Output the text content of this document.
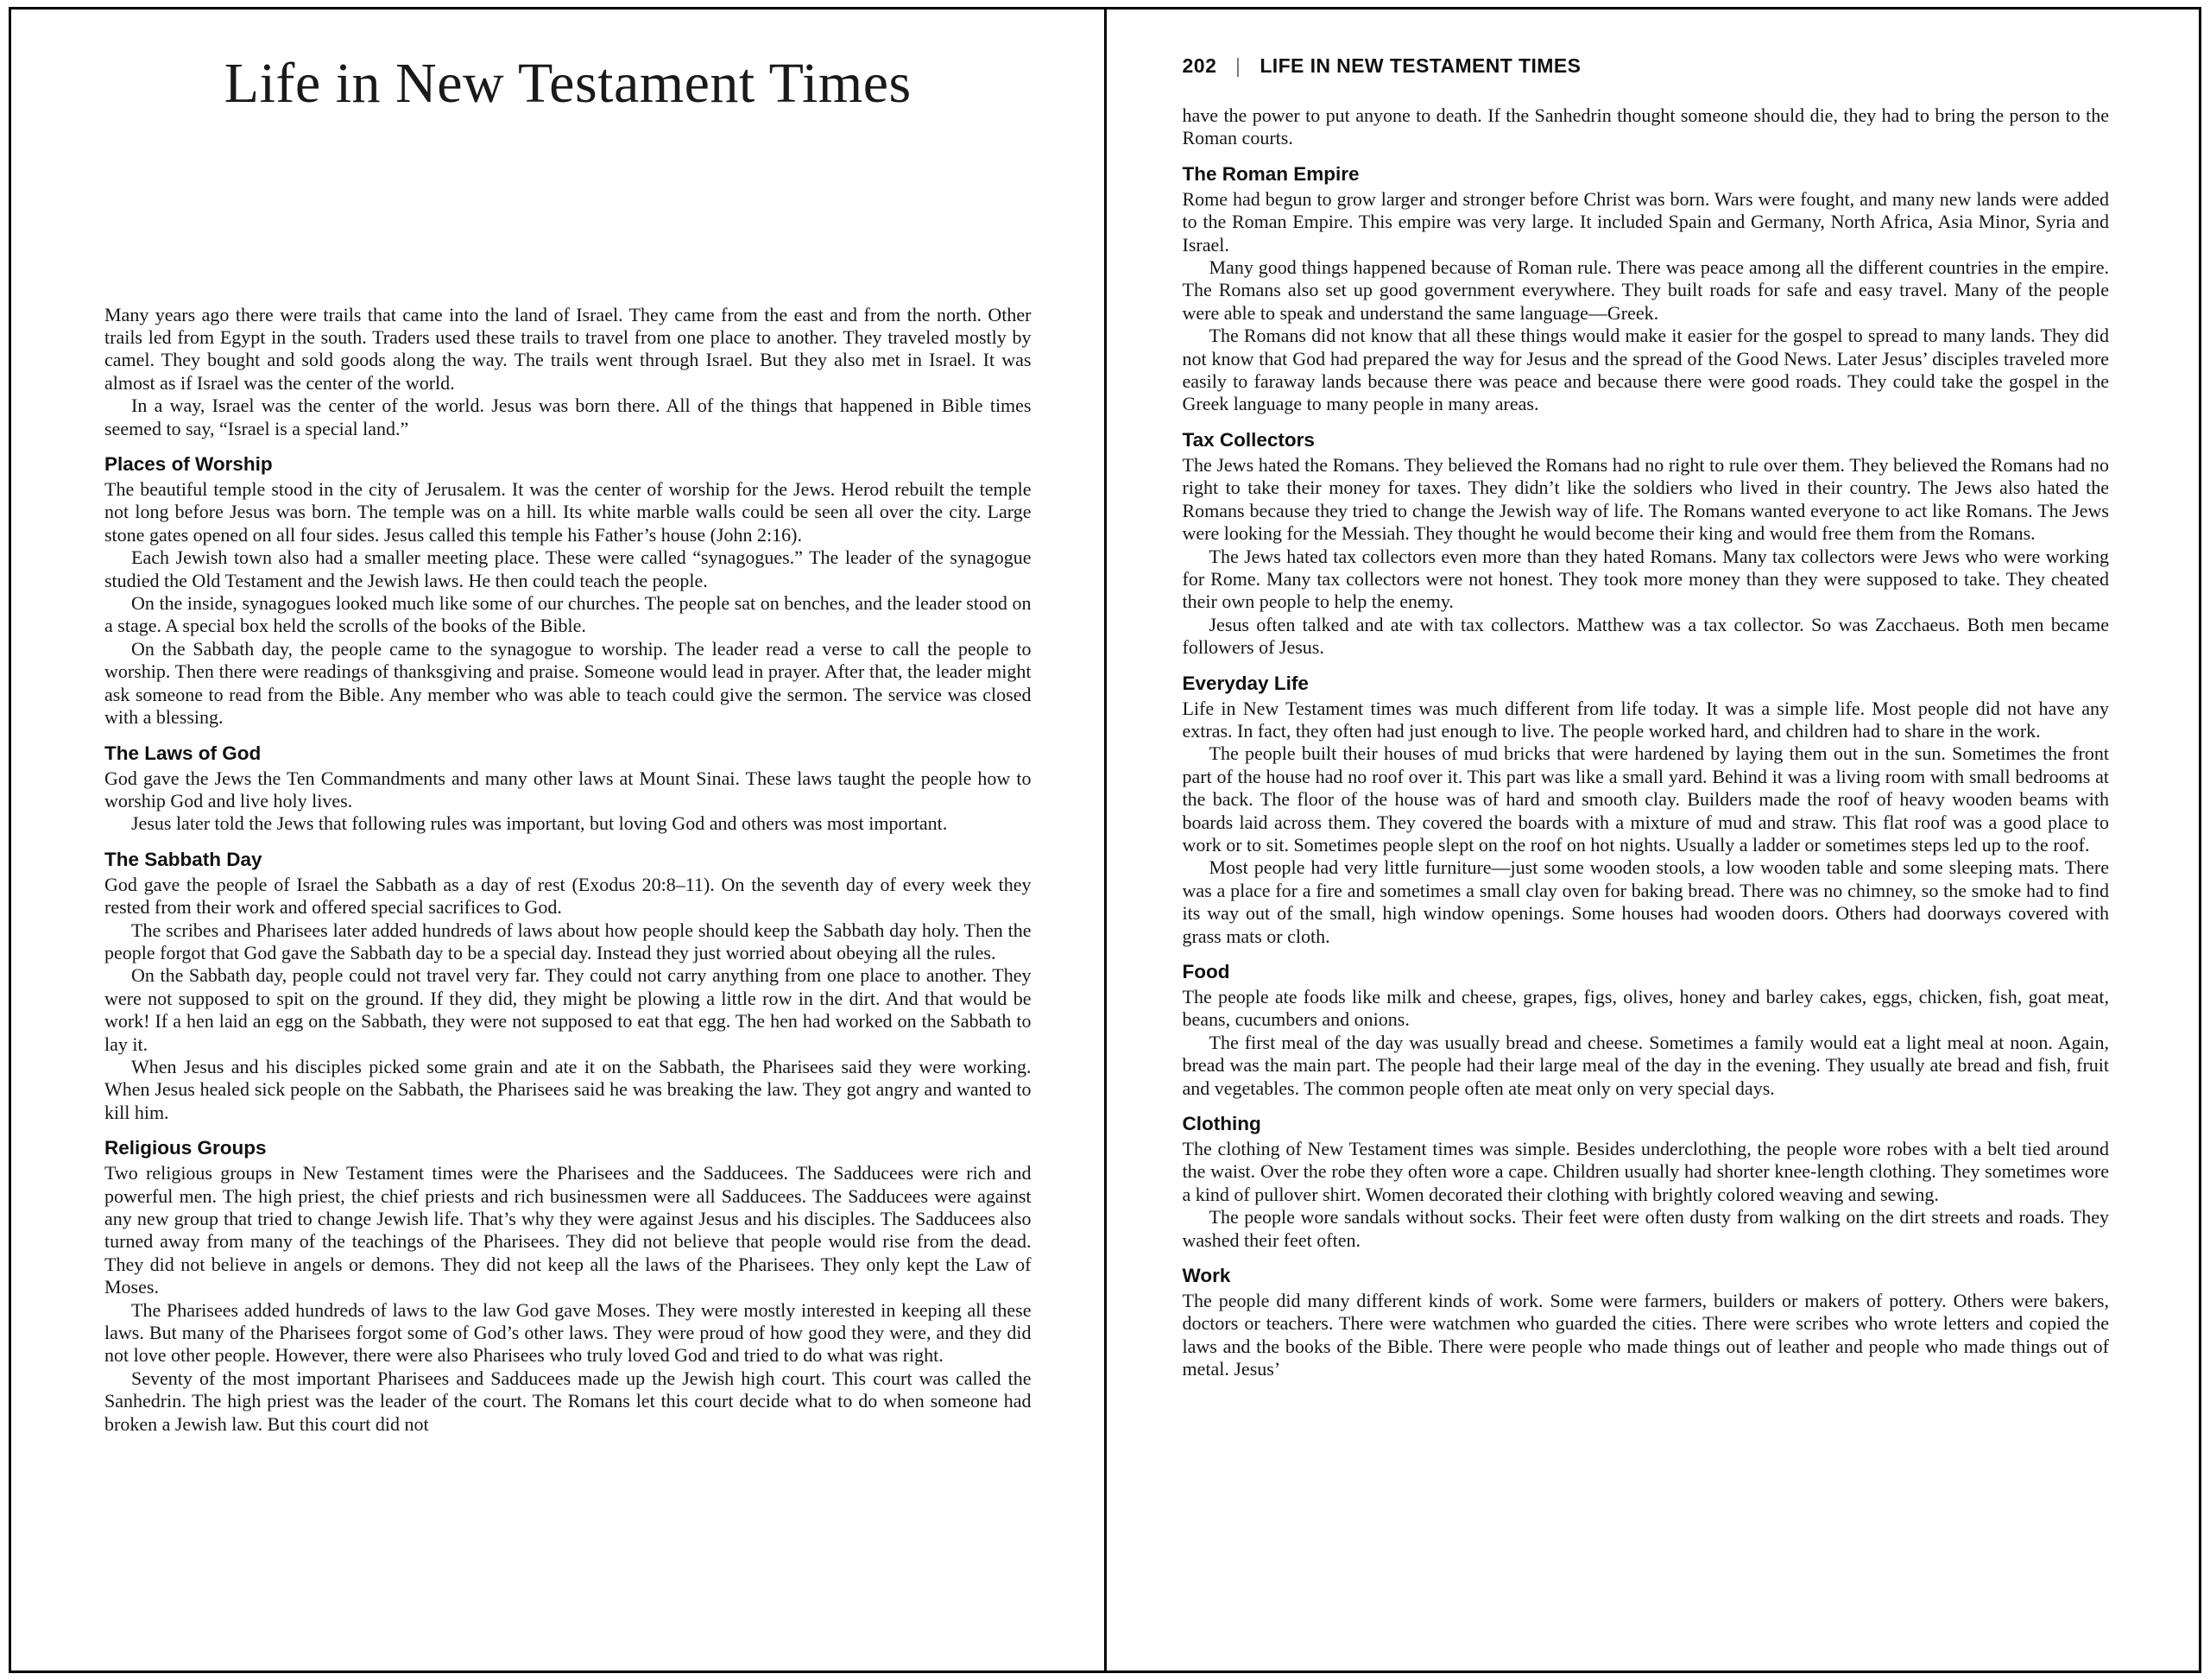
Life in New Testament Times

Many years ago there were trails that came into the land of Israel. They came from the east and from the north. Other trails led from Egypt in the south. Traders used these trails to travel from one place to another. They traveled mostly by camel. They bought and sold goods along the way. The trails went through Israel. But they also met in Israel. It was almost as if Israel was the center of the world.

In a way, Israel was the center of the world. Jesus was born there. All of the things that happened in Bible times seemed to say, “Israel is a special land.”

Places of Worship

The beautiful temple stood in the city of Jerusalem. It was the center of worship for the Jews. Herod rebuilt the temple not long before Jesus was born. The temple was on a hill. Its white marble walls could be seen all over the city. Large stone gates opened on all four sides. Jesus called this temple his Father’s house (John 2:16).

Each Jewish town also had a smaller meeting place. These were called “synagogues.” The leader of the synagogue studied the Old Testament and the Jewish laws. He then could teach the people.

On the inside, synagogues looked much like some of our churches. The people sat on benches, and the leader stood on a stage. A special box held the scrolls of the books of the Bible.

On the Sabbath day, the people came to the synagogue to worship. The leader read a verse to call the people to worship. Then there were readings of thanksgiving and praise. Someone would lead in prayer. After that, the leader might ask someone to read from the Bible. Any member who was able to teach could give the sermon. The service was closed with a blessing.

The Laws of God

God gave the Jews the Ten Commandments and many other laws at Mount Sinai. These laws taught the people how to worship God and live holy lives.

Jesus later told the Jews that following rules was important, but loving God and others was most important.

The Sabbath Day

God gave the people of Israel the Sabbath as a day of rest (Exodus 20:8–11). On the seventh day of every week they rested from their work and offered special sacrifices to God.

The scribes and Pharisees later added hundreds of laws about how people should keep the Sabbath day holy. Then the people forgot that God gave the Sabbath day to be a special day. Instead they just worried about obeying all the rules.

On the Sabbath day, people could not travel very far. They could not carry anything from one place to another. They were not supposed to spit on the ground. If they did, they might be plowing a little row in the dirt. And that would be work! If a hen laid an egg on the Sabbath, they were not supposed to eat that egg. The hen had worked on the Sabbath to lay it.

When Jesus and his disciples picked some grain and ate it on the Sabbath, the Pharisees said they were working. When Jesus healed sick people on the Sabbath, the Pharisees said he was breaking the law. They got angry and wanted to kill him.

Religious Groups

Two religious groups in New Testament times were the Pharisees and the Sadducees. The Sadducees were rich and powerful men. The high priest, the chief priests and rich businessmen were all Sadducees. The Sadducees were against any new group that tried to change Jewish life. That’s why they were against Jesus and his disciples. The Sadducees also turned away from many of the teachings of the Pharisees. They did not believe that people would rise from the dead. They did not believe in angels or demons. They did not keep all the laws of the Pharisees. They only kept the Law of Moses.

The Pharisees added hundreds of laws to the law God gave Moses. They were mostly interested in keeping all these laws. But many of the Pharisees forgot some of God’s other laws. They were proud of how good they were, and they did not love other people. However, there were also Pharisees who truly loved God and tried to do what was right.

Seventy of the most important Pharisees and Sadducees made up the Jewish high court. This court was called the Sanhedrin. The high priest was the leader of the court. The Romans let this court decide what to do when someone had broken a Jewish law. But this court did not

202 | LIFE IN NEW TESTAMENT TIMES

have the power to put anyone to death. If the Sanhedrin thought someone should die, they had to bring the person to the Roman courts.

The Roman Empire

Rome had begun to grow larger and stronger before Christ was born. Wars were fought, and many new lands were added to the Roman Empire. This empire was very large. It included Spain and Germany, North Africa, Asia Minor, Syria and Israel.

Many good things happened because of Roman rule. There was peace among all the different countries in the empire. The Romans also set up good government everywhere. They built roads for safe and easy travel. Many of the people were able to speak and understand the same language—Greek.

The Romans did not know that all these things would make it easier for the gospel to spread to many lands. They did not know that God had prepared the way for Jesus and the spread of the Good News. Later Jesus’ disciples traveled more easily to faraway lands because there was peace and because there were good roads. They could take the gospel in the Greek language to many people in many areas.

Tax Collectors

The Jews hated the Romans. They believed the Romans had no right to rule over them. They believed the Romans had no right to take their money for taxes. They didn’t like the soldiers who lived in their country. The Jews also hated the Romans because they tried to change the Jewish way of life. The Romans wanted everyone to act like Romans. The Jews were looking for the Messiah. They thought he would become their king and would free them from the Romans.

The Jews hated tax collectors even more than they hated Romans. Many tax collectors were Jews who were working for Rome. Many tax collectors were not honest. They took more money than they were supposed to take. They cheated their own people to help the enemy.

Jesus often talked and ate with tax collectors. Matthew was a tax collector. So was Zacchaeus. Both men became followers of Jesus.

Everyday Life

Life in New Testament times was much different from life today. It was a simple life. Most people did not have any extras. In fact, they often had just enough to live. The people worked hard, and children had to share in the work.

The people built their houses of mud bricks that were hardened by laying them out in the sun. Sometimes the front part of the house had no roof over it. This part was like a small yard. Behind it was a living room with small bedrooms at the back. The floor of the house was of hard and smooth clay. Builders made the roof of heavy wooden beams with boards laid across them. They covered the boards with a mixture of mud and straw. This flat roof was a good place to work or to sit. Sometimes people slept on the roof on hot nights. Usually a ladder or sometimes steps led up to the roof.

Most people had very little furniture—just some wooden stools, a low wooden table and some sleeping mats. There was a place for a fire and sometimes a small clay oven for baking bread. There was no chimney, so the smoke had to find its way out of the small, high window openings. Some houses had wooden doors. Others had doorways covered with grass mats or cloth.

Food

The people ate foods like milk and cheese, grapes, figs, olives, honey and barley cakes, eggs, chicken, fish, goat meat, beans, cucumbers and onions.

The first meal of the day was usually bread and cheese. Sometimes a family would eat a light meal at noon. Again, bread was the main part. The people had their large meal of the day in the evening. They usually ate bread and fish, fruit and vegetables. The common people often ate meat only on very special days.

Clothing

The clothing of New Testament times was simple. Besides underclothing, the people wore robes with a belt tied around the waist. Over the robe they often wore a cape. Children usually had shorter knee-length clothing. They sometimes wore a kind of pullover shirt. Women decorated their clothing with brightly colored weaving and sewing.

The people wore sandals without socks. Their feet were often dusty from walking on the dirt streets and roads. They washed their feet often.

Work

The people did many different kinds of work. Some were farmers, builders or makers of pottery. Others were bakers, doctors or teachers. There were watchmen who guarded the cities. There were scribes who wrote letters and copied the laws and the books of the Bible. There were people who made things out of leather and people who made things out of metal. Jesus’
